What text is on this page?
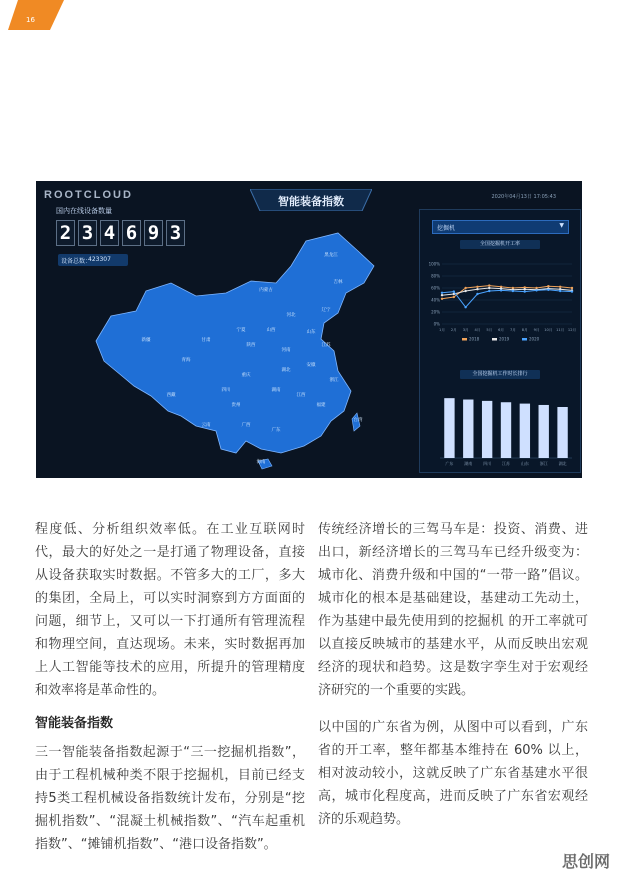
16
ROOTCLOUD	智能装备指数	2020年04月13日 17:05:43
国内在线设备数量
2 3 4 6 9 3
设备总数：
423307
新疆
西藏
青海
甘肃
四川
云南
内蒙古
黑龙江
吉林
辽宁
河北
山东
河南
湖北
湖南
广东
广西
贵州
江西
福建
浙江
安徽
江苏
陕西
山西
宁夏
重庆
海南
台湾
挖掘机	▼
全国挖掘机开工率
0%
20%
40%
60%
80%
100%
1月 2月 3月 4月 5月 6月 7月 8月 9月 10月 11月 12月
2018	2019	2020
全国挖掘机工作时长排行
广东	湖南	四川	江苏	山东	浙江	湖北

程度低、分析组织效率低。在工业互联网时代，最大的好处之一是打通了物理设备，直接从设备获取实时数据。不管多大的工厂，多大的集团，全局上，可以实时洞察到方方面面的问题，细节上，又可以一下打通所有管理流程和物理空间，直达现场。未来，实时数据再加上人工智能等技术的应用，所提升的管理精度和效率将是革命性的。

智能装备指数

三一智能装备指数起源于“三一挖掘机指数”，由于工程机械种类不限于挖掘机，目前已经支持5类工程机械设备指数统计发布，分别是“挖掘机指数”、“混凝土机械指数”、“汽车起重机指数”、“摊铺机指数”、“港口设备指数”。

传统经济增长的三驾马车是：投资、消费、进出口，新经济增长的三驾马车已经升级变为：城市化、消费升级和中国的“一带一路”倡议。城市化的根本是基础建设，基建动工先动土，作为基建中最先使用到的挖掘机 的开工率就可以直接反映城市的基建水平，从而反映出宏观经济的现状和趋势。这是数字孪生对于宏观经济研究的一个重要的实践。

以中国的广东省为例，从图中可以看到，广东省的开工率，整年都基本维持在 60% 以上，相对波动较小，这就反映了广东省基建水平很高，城市化程度高，进而反映了广东省宏观经济的乐观趋势。

思创网
